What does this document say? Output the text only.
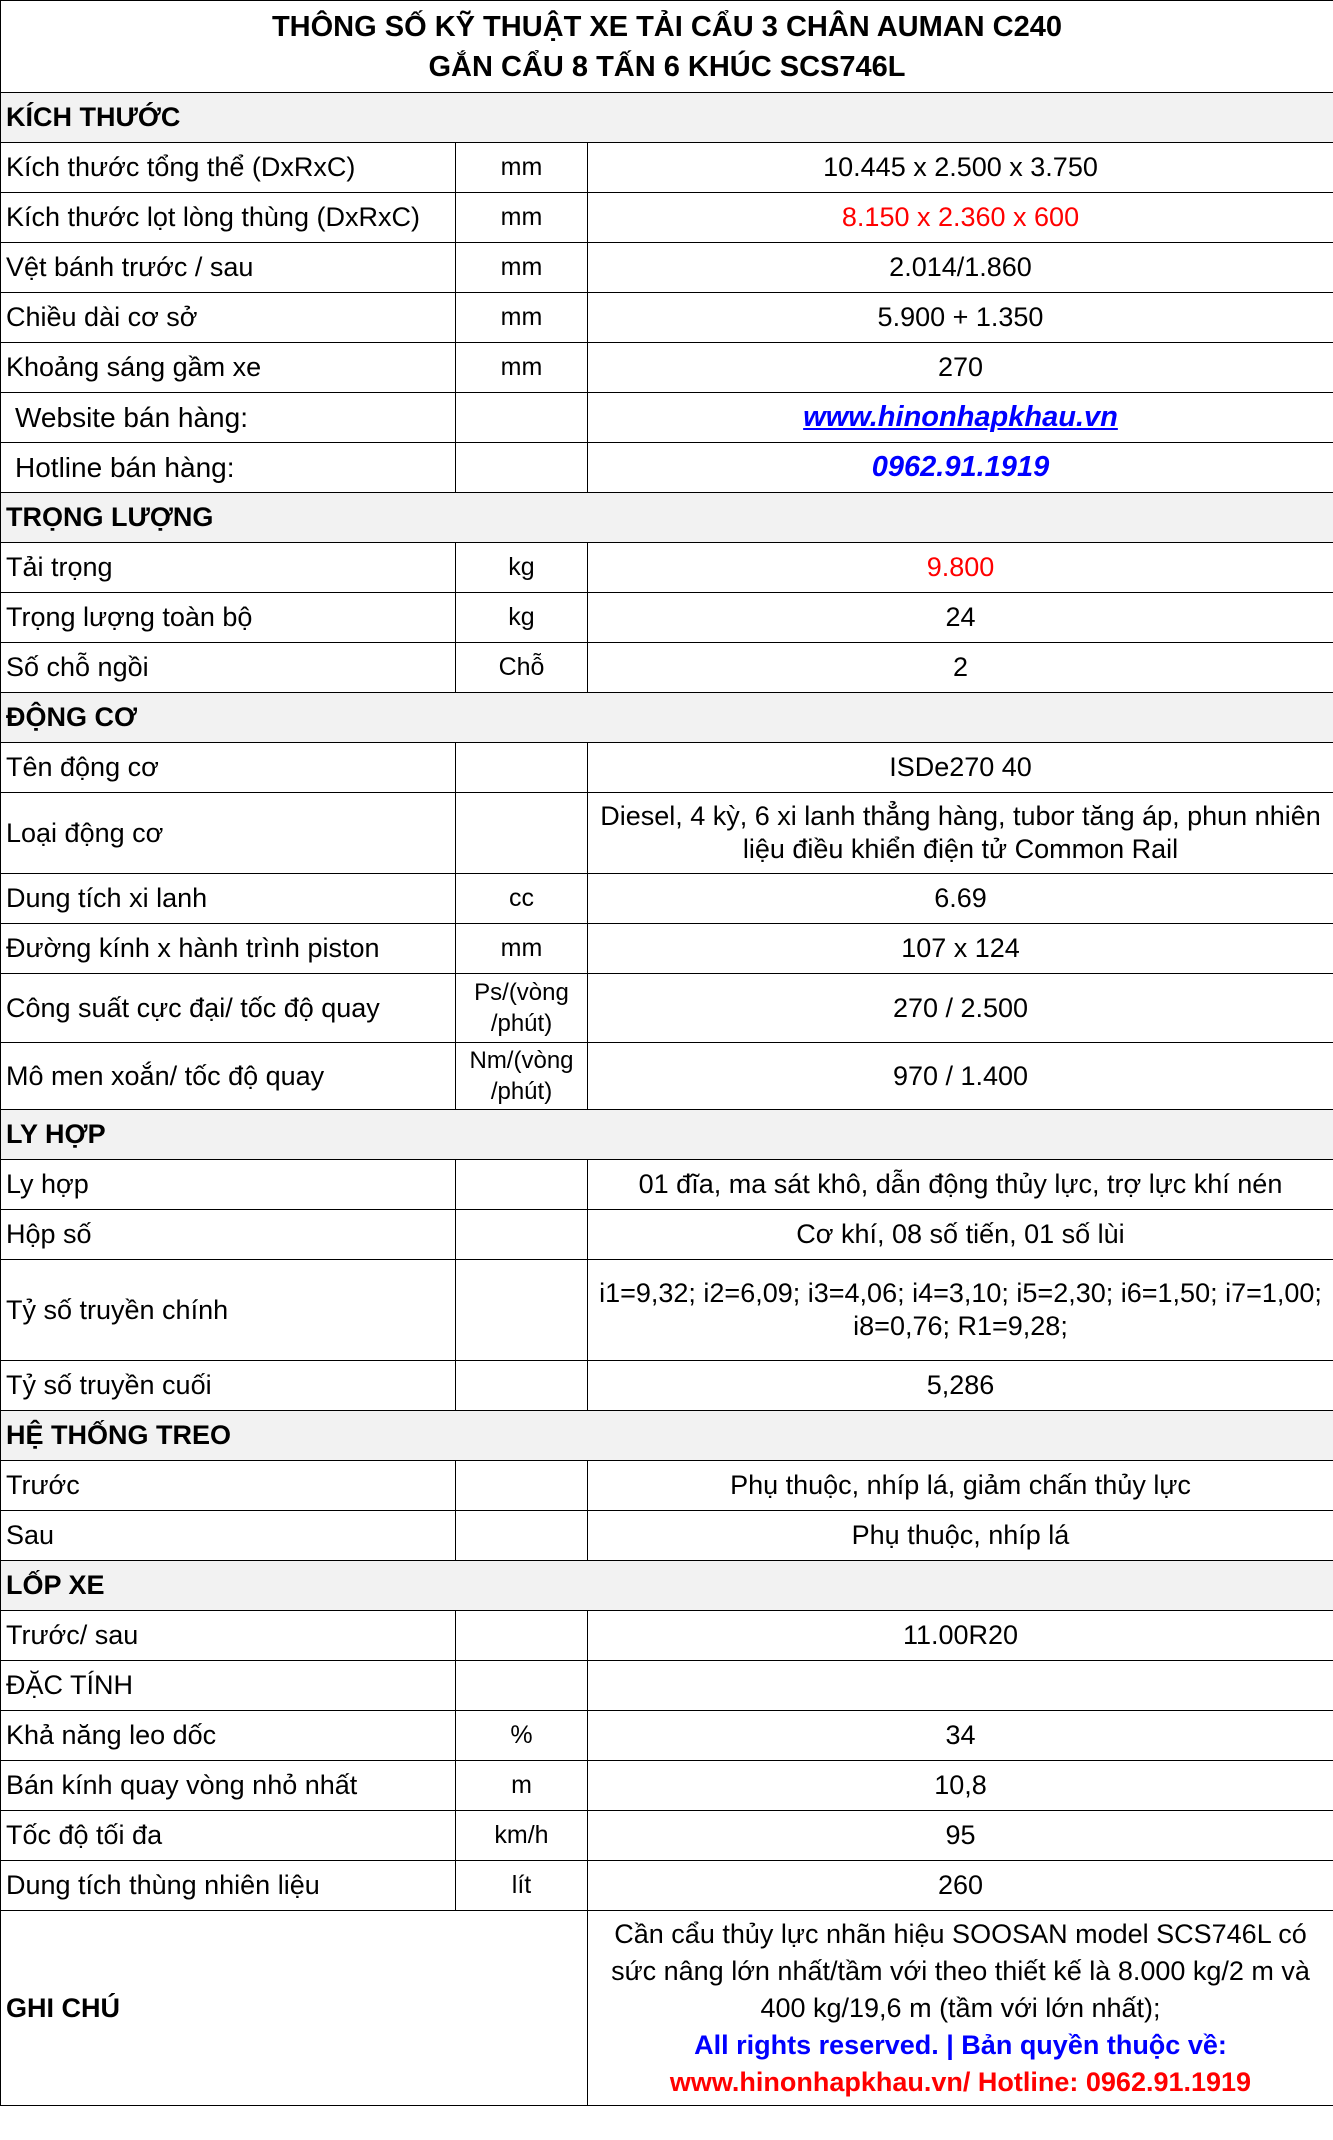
THÔNG SỐ KỸ THUẬT XE TẢI CẨU 3 CHÂN AUMAN C240
GẮN CẨU 8 TẤN 6 KHÚC SCS746L		

KÍCH THƯỚC		
Kích thước tổng thể (DxRxC)	mm	10.445 x 2.500 x 3.750
Kích thước lọt lòng thùng (DxRxC)	mm	8.150 x 2.360 x 600
Vệt bánh trước / sau	mm	2.014/1.860
Chiều dài cơ sở	mm	5.900 + 1.350
Khoảng sáng gầm xe	mm	270
Website bán hàng:		www.hinonhapkhau.vn
Hotline bán hàng:		0962.91.1919
TRỌNG LƯỢNG		
Tải trọng	kg	9.800
Trọng lượng toàn bộ	kg	24
Số chỗ ngồi	Chỗ	2
ĐỘNG CƠ		
Tên động cơ		ISDe270 40
Loại động cơ		Diesel, 4 kỳ, 6 xi lanh thẳng hàng, tubor tăng áp, phun nhiên liệu điều khiển điện tử Common Rail
Dung tích xi lanh	cc	6.69
Đường kính x hành trình piston	mm	107 x 124
Công suất cực đại/ tốc độ quay	Ps/(vòng /phút)	270 / 2.500
Mô men xoắn/ tốc độ quay	Nm/(vòng /phút)	970 / 1.400
LY HỢP		
Ly hợp		01 đĩa, ma sát khô, dẫn động thủy lực, trợ lực khí nén
Hộp số		Cơ khí, 08 số tiến, 01 số lùi
Tỷ số truyền chính		i1=9,32; i2=6,09; i3=4,06; i4=3,10; i5=2,30; i6=1,50; i7=1,00; i8=0,76; R1=9,28;
Tỷ số truyền cuối		5,286
HỆ THỐNG TREO		
Trước		Phụ thuộc, nhíp lá, giảm chấn thủy lực
Sau		Phụ thuộc, nhíp lá
LỐP XE		
Trước/ sau		11.00R20
ĐẶC TÍNH		
Khả năng leo dốc	%	34
Bán kính quay vòng nhỏ nhất	m	10,8
Tốc độ tối đa	km/h	95
Dung tích thùng nhiên liệu	lít	260
GHI CHÚ		Cần cẩu thủy lực nhãn hiệu SOOSAN model SCS746L có sức nâng lớn nhất/tầm với theo thiết kế là 8.000 kg/2 m và 400 kg/19,6 m (tầm với lớn nhất);
All rights reserved. | Bản quyền thuộc về:
www.hinonhapkhau.vn/ Hotline: 0962.91.1919
